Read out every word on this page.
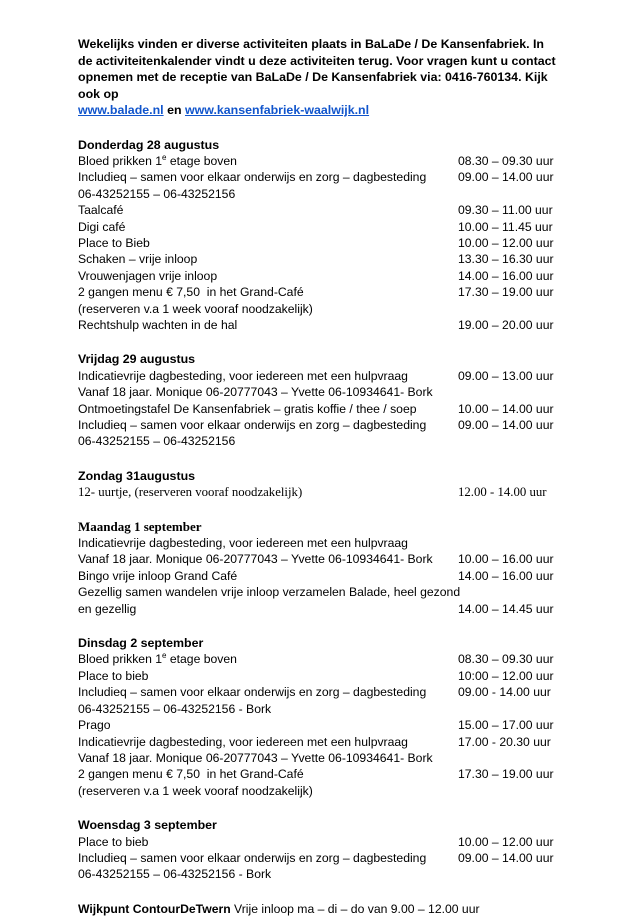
Wekelijks vinden er diverse activiteiten plaats in BaLaDe / De Kansenfabriek. In de activiteitenkalender vindt u deze activiteiten terug. Voor vragen kunt u contact opnemen met de receptie van BaLaDe / De Kansenfabriek via: 0416-760134. Kijk ook op
www.balade.nl en www.kansenfabriek-waalwijk.nl

Donderdag 28 augustus
Bloed prikken 1e etage boven	08.30 – 09.30 uur
Includieq – samen voor elkaar onderwijs en zorg – dagbesteding	09.00 – 14.00 uur
06-43252155 – 06-43252156
Taalcafé	09.30 – 11.00 uur
Digi café	10.00 – 11.45 uur
Place to Bieb	10.00 – 12.00 uur
Schaken – vrije inloop	13.30 – 16.30 uur
Vrouwenjagen vrije inloop	14.00 – 16.00 uur
2 gangen menu € 7,50  in het Grand-Café	17.30 – 19.00 uur
(reserveren v.a 1 week vooraf noodzakelijk)
Rechtshulp wachten in de hal	19.00 – 20.00 uur
Vrijdag 29 augustus
Indicatievrije dagbesteding, voor iedereen met een hulpvraag	09.00 – 13.00 uur
Vanaf 18 jaar. Monique 06-20777043 – Yvette 06-10934641- Bork
Ontmoetingstafel De Kansenfabriek – gratis koffie / thee / soep	10.00 – 14.00 uur
Includieq – samen voor elkaar onderwijs en zorg – dagbesteding	09.00 – 14.00 uur
06-43252155 – 06-43252156
Zondag 31augustus
12- uurtje, (reserveren vooraf noodzakelijk)	12.00 - 14.00 uur
Maandag 1 september
Indicatievrije dagbesteding, voor iedereen met een hulpvraag
Vanaf 18 jaar. Monique 06-20777043 – Yvette 06-10934641- Bork 10.00 – 16.00 uur
Bingo vrije inloop Grand Café	14.00 – 16.00 uur
Gezellig samen wandelen vrije inloop verzamelen Balade, heel gezond
en gezellig	14.00 – 14.45 uur
Dinsdag 2 september
Bloed prikken 1e etage boven	08.30 – 09.30 uur
Place to bieb	10:00 – 12.00 uur
Includieq – samen voor elkaar onderwijs en zorg – dagbesteding	09.00 - 14.00 uur
06-43252155 – 06-43252156 - Bork
Prago	15.00 – 17.00 uur
Indicatievrije dagbesteding, voor iedereen met een hulpvraag	17.00 - 20.30 uur
Vanaf 18 jaar. Monique 06-20777043 – Yvette 06-10934641- Bork
2 gangen menu € 7,50  in het Grand-Café	17.30 – 19.00 uur
(reserveren v.a 1 week vooraf noodzakelijk)
Woensdag 3 september
Place to bieb	10.00 – 12.00 uur
Includieq – samen voor elkaar onderwijs en zorg – dagbesteding	09.00 – 14.00 uur
06-43252155 – 06-43252156 - Bork
Wijkpunt ContourDeTwern Vrije inloop ma – di – do van 9.00 – 12.00 uur
